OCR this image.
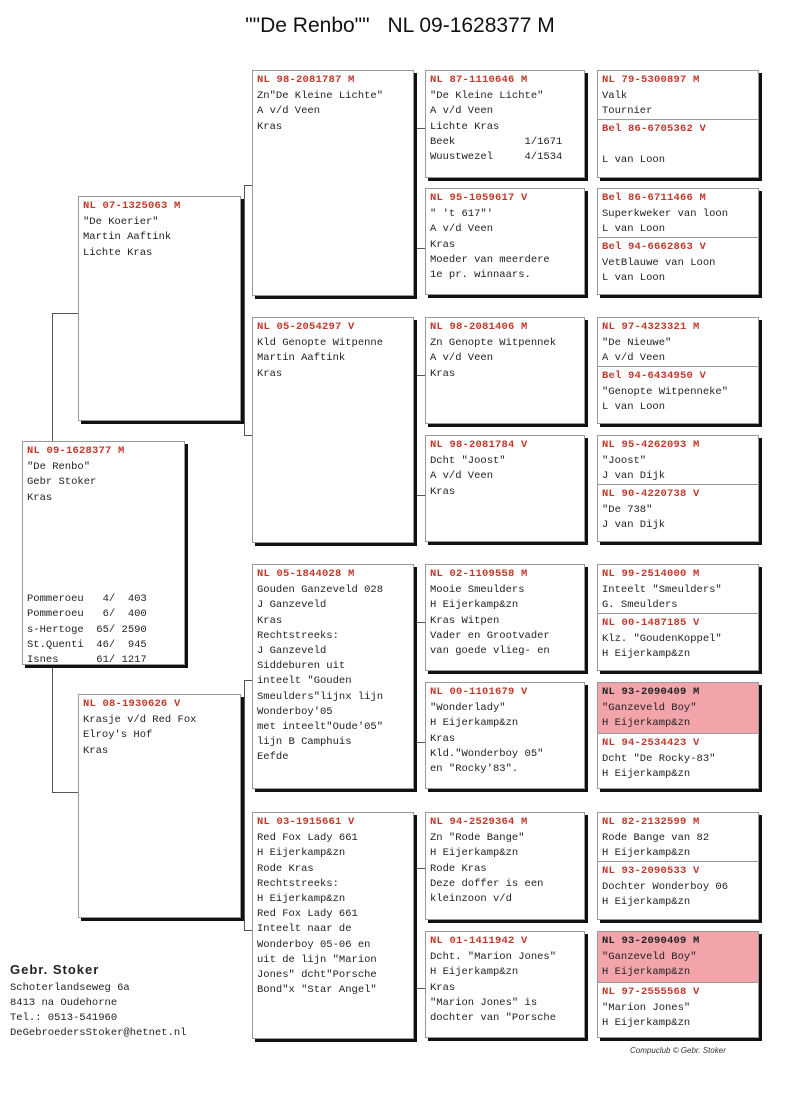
""De Renbo"" NL 09-1628377 M
NL 09-1628377 M
"De Renbo"
Gebr Stoker
Kras
Pommeroeu   4/  403
Pommeroeu   6/  400
s-Hertoge  65/ 2590
St.Quenti  46/  945
Isnes      61/ 1217
NL 07-1325063 M
"De Koerier"
Martin Aaftink
Lichte Kras
NL 08-1930626 V
Krasje v/d Red Fox
Elroy's Hof
Kras
NL 98-2081787 M
Zn"De Kleine Lichte"
A v/d Veen
Kras
NL 05-2054297 V
Kld Genopte Witpenne
Martin Aaftink
Kras
NL 05-1844028 M
Gouden Ganzeveld 028
J Ganzeveld
Kras
Rechtstreeks:
J Ganzeveld
Siddeburen uit
inteelt "Gouden
Smeulders"lijnx lijn
Wonderboy'05
met inteelt"Oude'05"
lijn B Camphuis
Eefde
NL 03-1915661 V
Red Fox Lady 661
H Eijerkamp&zn
Rode Kras
Rechtstreeks:
H Eijerkamp&zn
Red Fox Lady 661
Inteelt naar de
Wonderboy 05-06 en
uit de lijn "Marion
Jones" dcht"Porsche
Bond"x "Star Angel"
NL 87-1110646 M
"De Kleine Lichte"
A v/d Veen
Lichte Kras
Beek           1/1671
Wuustwezel     4/1534
NL 95-1059617 V
" 't 617"'
A v/d Veen
Kras
Moeder van meerdere
1e pr. winnaars.
NL 98-2081406 M
Zn Genopte Witpennek
A v/d Veen
Kras
NL 98-2081784 V
Dcht "Joost"
A v/d Veen
Kras
NL 02-1109558 M
Mooie Smeulders
H Eijerkamp&zn
Kras Witpen
Vader en Grootvader
van goede vlieg- en
NL 00-1101679 V
"Wonderlady"
H Eijerkamp&zn
Kras
Kld."Wonderboy 05"
en "Rocky'83".
NL 94-2529364 M
Zn "Rode Bange"
H Eijerkamp&zn
Rode Kras
Deze doffer is een
kleinzoon v/d
NL 01-1411942 V
Dcht. "Marion Jones"
H Eijerkamp&zn
Kras
"Marion Jones" is
dochter van "Porsche
NL 79-5300897 M
Valk
Tournier
Bel 86-6705362 V

L van Loon
Bel 86-6711466 M
Superkweker van loon
L van Loon
Bel 94-6662863 V
VetBlauwe van Loon
L van Loon
NL 97-4323321 M
"De Nieuwe"
A v/d Veen
Bel 94-6434950 V
"Genopte Witpenneke"
L van Loon
NL 95-4262093 M
"Joost"
J van Dijk
NL 90-4220738 V
"De 738"
J van Dijk
NL 99-2514000 M
Inteelt "Smeulders"
G. Smeulders
NL 00-1487185 V
Klz. "GoudenKoppel"
H Eijerkamp&zn
NL 93-2090409 M
"Ganzeveld Boy"
H Eijerkamp&zn
NL 94-2534423 V
Dcht "De Rocky-83"
H Eijerkamp&zn
NL 82-2132599 M
Rode Bange van 82
H Eijerkamp&zn
NL 93-2090533 V
Dochter Wonderboy 06
H Eijerkamp&zn
NL 93-2090409 M
"Ganzeveld Boy"
H Eijerkamp&zn
NL 97-2555568 V
"Marion Jones"
H Eijerkamp&zn
Gebr. Stoker
Schoterlandseweg 6a
8413 na Oudehorne
Tel.: 0513-541960
DeGebroedersStoker@hetnet.nl
Compuclub © Gebr. Stoker
